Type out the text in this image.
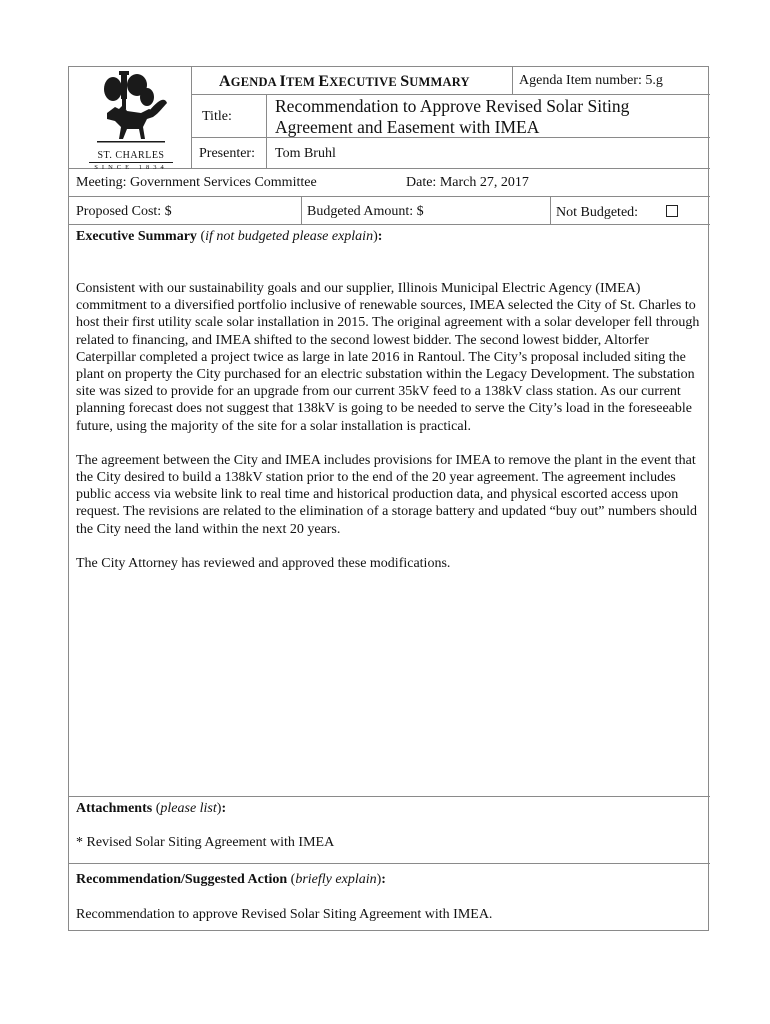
ST. CHARLES
SINCE 1834
AGENDA ITEM EXECUTIVE SUMMARY	Agenda Item number: 5.g
Title:
Recommendation to Approve Revised Solar Siting
Agreement and Easement with IMEA
Presenter: Tom Bruhl
Meeting: Government Services Committee	Date: March 27, 2017
Proposed Cost: $	Budgeted Amount: $	Not Budgeted:
Executive Summary (if not budgeted please explain):

Consistent with our sustainability goals and our supplier, Illinois Municipal Electric Agency (IMEA) commitment to a diversified portfolio inclusive of renewable sources, IMEA selected the City of St. Charles to host their first utility scale solar installation in 2015. The original agreement with a solar developer fell through related to financing, and IMEA shifted to the second lowest bidder. The second lowest bidder, Altorfer Caterpillar completed a project twice as large in late 2016 in Rantoul. The City’s proposal included siting the plant on property the City purchased for an electric substation within the Legacy Development. The substation site was sized to provide for an upgrade from our current 35kV feed to a 138kV class station. As our current planning forecast does not suggest that 138kV is going to be needed to serve the City’s load in the foreseeable future, using the majority of the site for a solar installation is practical.

The agreement between the City and IMEA includes provisions for IMEA to remove the plant in the event that the City desired to build a 138kV station prior to the end of the 20 year agreement. The agreement includes public access via website link to real time and historical production data, and physical escorted access upon request. The revisions are related to the elimination of a storage battery and updated “buy out” numbers should the City need the land within the next 20 years.

The City Attorney has reviewed and approved these modifications.

Attachments (please list):
* Revised Solar Siting Agreement with IMEA
Recommendation/Suggested Action (briefly explain):
Recommendation to approve Revised Solar Siting Agreement with IMEA.
